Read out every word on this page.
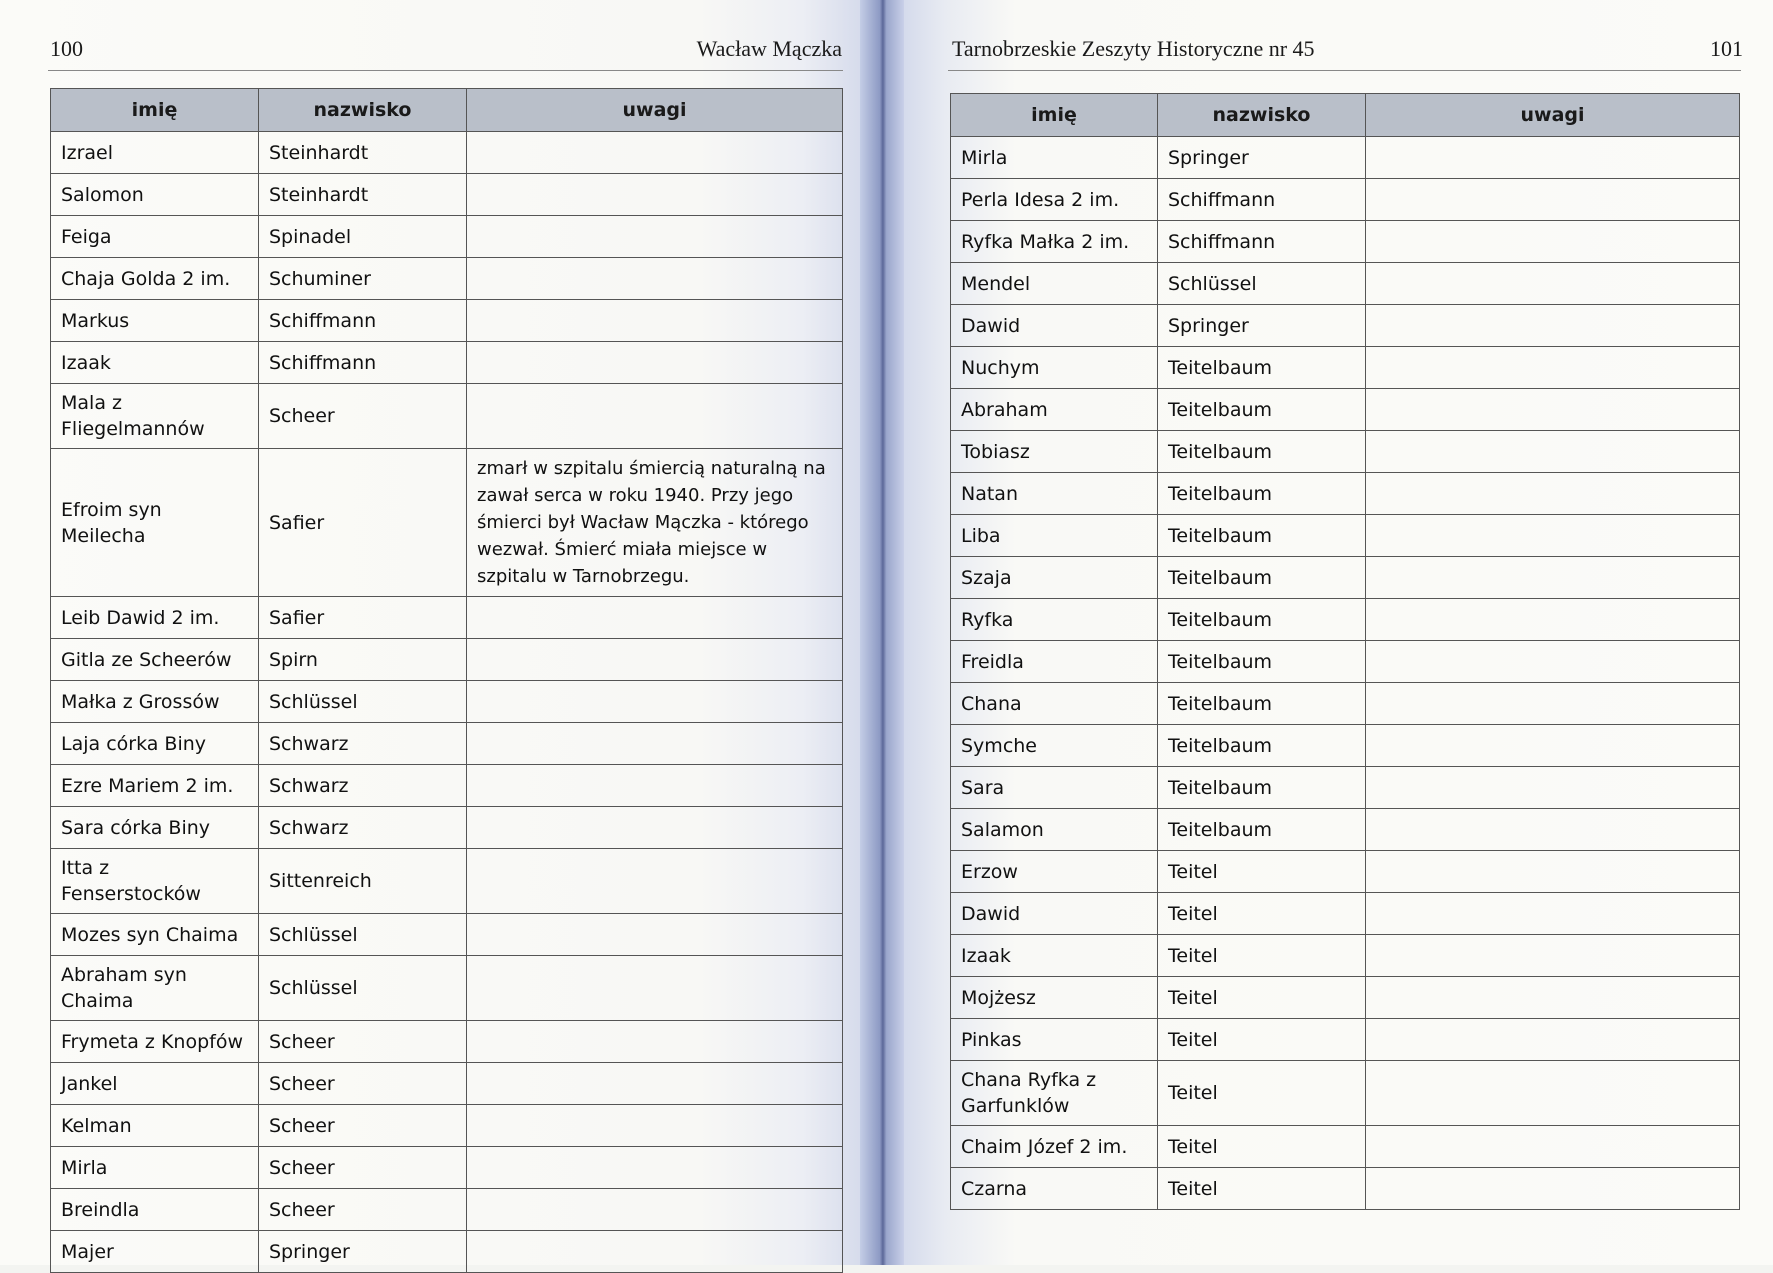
100	Wacław Mączka
imię	nazwisko	uwagi
Izrael	Steinhardt	
Salomon	Steinhardt	
Feiga	Spinadel	
Chaja Golda 2 im.	Schuminer	
Markus	Schiffmann	
Izaak	Schiffmann	
Mala z Fliegelmannów	Scheer	
Efroim syn Meilecha	Safier	zmarł w szpitalu śmiercią naturalną na zawał serca w roku 1940. Przy jego śmierci był Wacław Mączka - którego wezwał. Śmierć miała miejsce w szpitalu w Tarnobrzegu.
Leib Dawid 2 im.	Safier	
Gitla ze Scheerów	Spirn	
Małka z Grossów	Schlüssel	
Laja córka Biny	Schwarz	
Ezre Mariem 2 im.	Schwarz	
Sara córka Biny	Schwarz	
Itta z Fenserstocków	Sittenreich	
Mozes syn Chaima	Schlüssel	
Abraham syn Chaima	Schlüssel	
Frymeta z Knopfów	Scheer	
Jankel	Scheer	
Kelman	Scheer	
Mirla	Scheer	
Breindla	Scheer	
Majer	Springer	
Tarnobrzeskie Zeszyty Historyczne nr 45	101
imię	nazwisko	uwagi
Mirla	Springer	
Perla Idesa 2 im.	Schiffmann	
Ryfka Małka 2 im.	Schiffmann	
Mendel	Schlüssel	
Dawid	Springer	
Nuchym	Teitelbaum	
Abraham	Teitelbaum	
Tobiasz	Teitelbaum	
Natan	Teitelbaum	
Liba	Teitelbaum	
Szaja	Teitelbaum	
Ryfka	Teitelbaum	
Freidla	Teitelbaum	
Chana	Teitelbaum	
Symche	Teitelbaum	
Sara	Teitelbaum	
Salamon	Teitelbaum	
Erzow	Teitel	
Dawid	Teitel	
Izaak	Teitel	
Mojżesz	Teitel	
Pinkas	Teitel	
Chana Ryfka z Garfunklów	Teitel	
Chaim Józef 2 im.	Teitel	
Czarna	Teitel	
